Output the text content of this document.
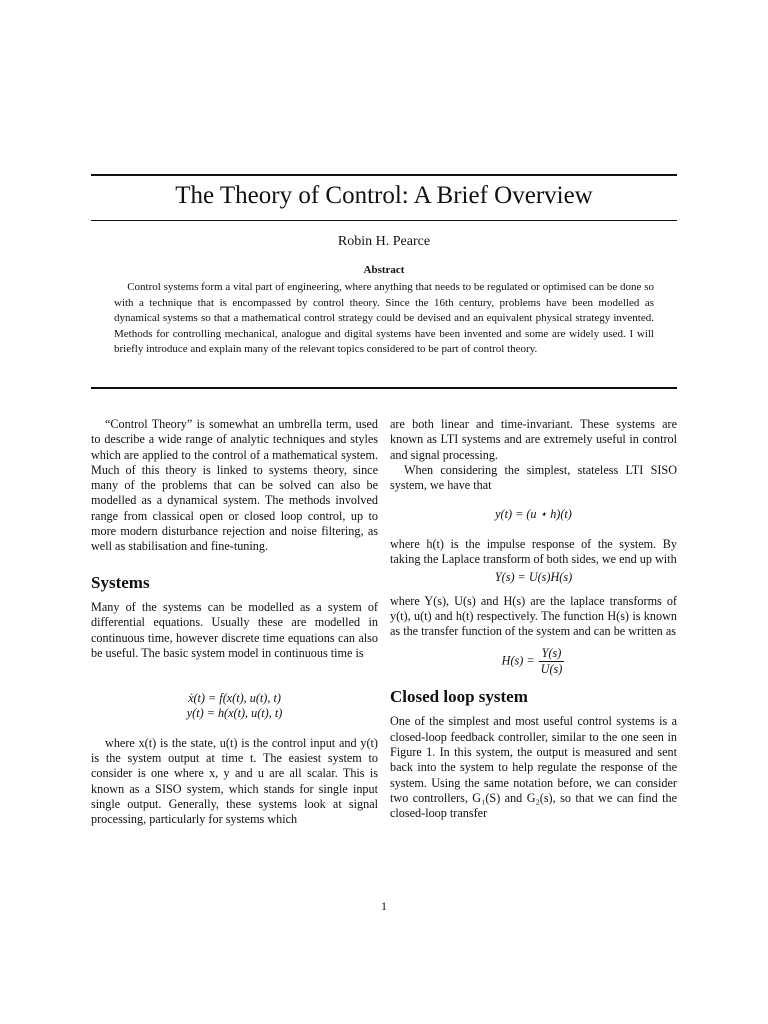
The Theory of Control: A Brief Overview
Robin H. Pearce
Abstract
Control systems form a vital part of engineering, where anything that needs to be regulated or optimised can be done so with a technique that is encompassed by control theory. Since the 16th century, problems have been modelled as dynamical systems so that a mathematical control strategy could be devised and an equivalent physical strategy invented. Methods for controlling mechanical, analogue and digital systems have been invented and some are widely used. I will briefly introduce and explain many of the relevant topics considered to be part of control theory.

“Control Theory” is somewhat an umbrella term, used to describe a wide range of analytic techniques and styles which are applied to the control of a mathematical system. Much of this theory is linked to systems theory, since many of the problems that can be solved can also be modelled as a dynamical system. The methods involved range from classical open or closed loop control, up to more modern disturbance rejection and noise filtering, as well as stabilisation and fine-tuning.

Systems

Many of the systems can be modelled as a system of differential equations. Usually these are modelled in continuous time, however discrete time equations can also be useful. The basic system model in continuous time is

ẋ(t) = f(x(t), u(t), t)
y(t) = h(x(t), u(t), t)

where x(t) is the state, u(t) is the control input and y(t) is the system output at time t. The easiest system to consider is one where x, y and u are all scalar. This is known as a SISO system, which stands for single input single output. Generally, these systems look at signal processing, particularly for systems which

are both linear and time-invariant. These systems are known as LTI systems and are extremely useful in control and signal processing.

When considering the simplest, stateless LTI SISO system, we have that

y(t) = (u ⋆ h)(t)

where h(t) is the impulse response of the system. By taking the Laplace transform of both sides, we end up with

Y(s) = U(s)H(s)

where Y(s), U(s) and H(s) are the laplace transforms of y(t), u(t) and h(t) respectively. The function H(s) is known as the transfer function of the system and can be written as

$H(s) = \frac{Y(s)}{U(s)}$
Closed loop system

One of the simplest and most useful control systems is a closed-loop feedback controller, similar to the one seen in Figure 1. In this system, the output is measured and sent back into the system to help regulate the response of the system. Using the same notation before, we can consider two controllers, G₁(S) and G₂(s), so that we can find the closed-loop transfer

1
